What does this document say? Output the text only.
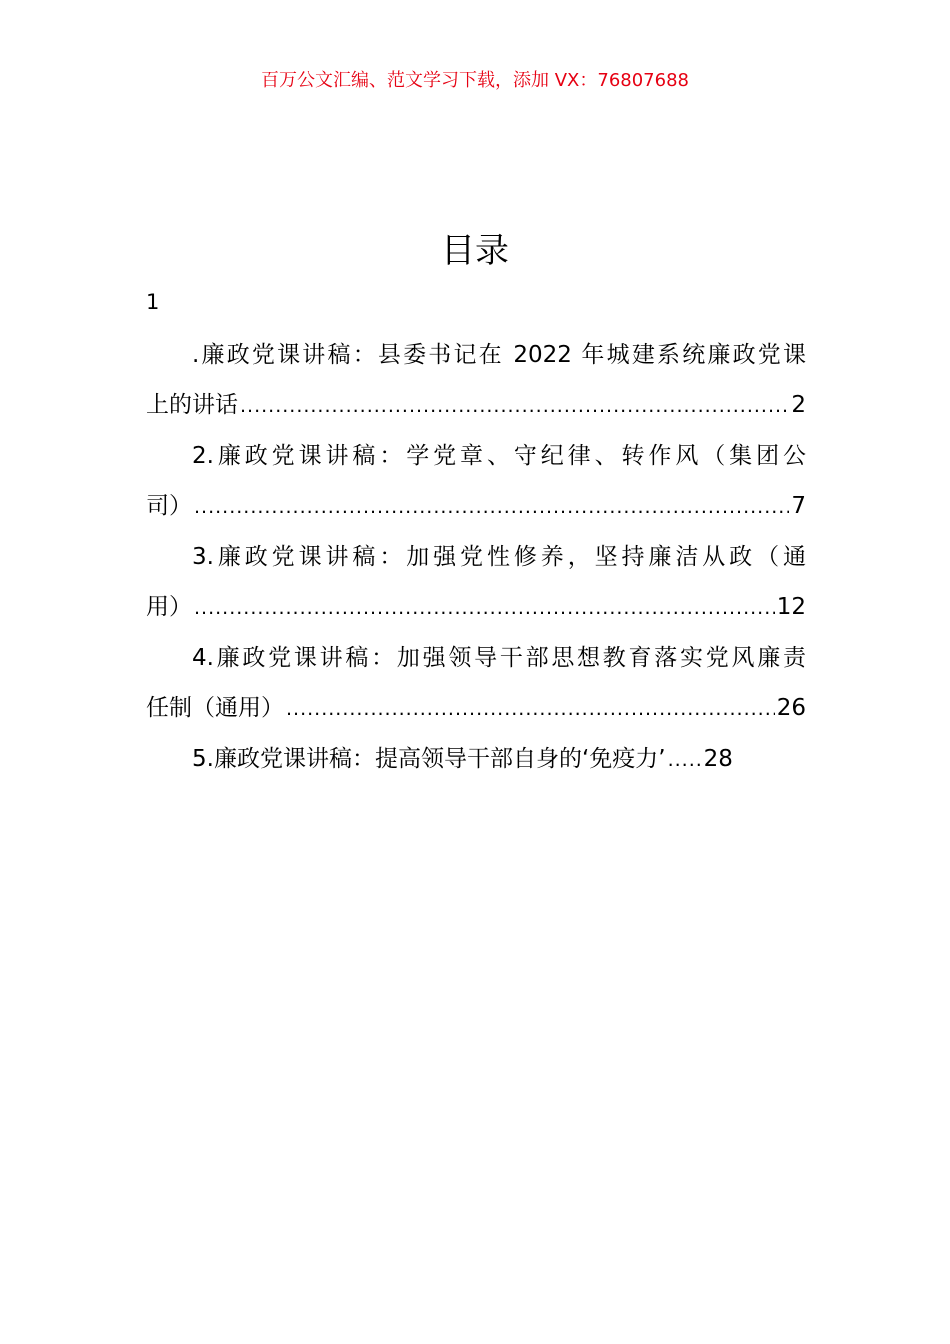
百万公文汇编、范文学习下载，添加 VX：76807688
目录
1
.廉政党课讲稿：县委书记在 2022 年城建系统廉政党课
上的讲话 .....	2
2.廉政党课讲稿：学党章、守纪律、转作风（集团公
司） .....	7
3.廉政党课讲稿：加强党性修养，坚持廉洁从政（通
用） .....	12
4.廉政党课讲稿：加强领导干部思想教育落实党风廉责
任制（通用） .....	26
5.廉政党课讲稿：提高领导干部自身的‘免疫力’ ..... 28
